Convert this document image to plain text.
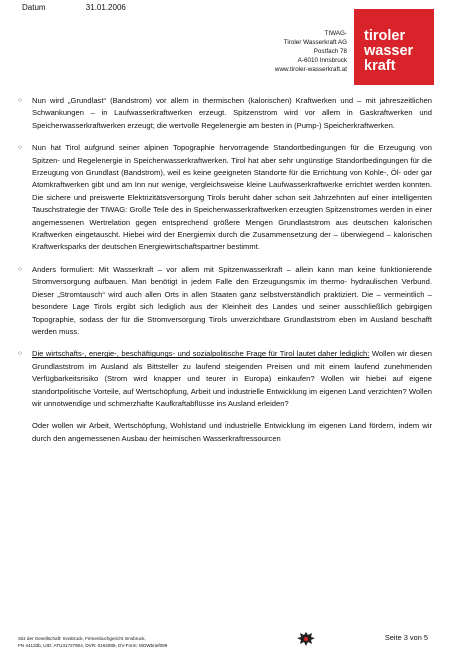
Datum	31.01.2006
TIWAG-
Tiroler Wasserkraft AG
Postfach 78
A-6010 Innsbruck
www.tiroler-wasserkraft.at
tiroler
wasser
kraft
○	Nun wird „Grundlast“ (Bandstrom) vor allem in thermischen (kalorischen) Kraftwerken und – mit jahreszeitlichen Schwankungen – in Laufwasserkraftwerken erzeugt. Spitzenstrom wird vor allem in Gaskraftwerken und Speicherwasserkraftwerken erzeugt; die wertvolle Regelenergie am besten in (Pump-) Speicherkraftwerken.
○	Nun hat Tirol aufgrund seiner alpinen Topographie hervorragende Standortbedingungen für die Erzeugung von Spitzen- und Regelenergie in Speicherwasserkraftwerken. Tirol hat aber sehr ungünstige Standortbedingungen für die Erzeugung von Grundlast (Bandstrom), weil es keine geeigneten Standorte für die Errichtung von Kohle-, Öl- oder gar Atomkraftwerken gibt und am Inn nur wenige, vergleichsweise kleine Laufwasserkraftwerke errichtet werden konnten. Die sichere und preiswerte Elektrizitätsversorgung Tirols beruht daher schon seit Jahrzehnten auf einer intelligenten Tauschstrategie der TIWAG: Große Teile des in Speicherwasserkraftwerken erzeugten Spitzenstromes werden in einer angemessenen Wertrelation gegen entsprechend größere Mengen Grundlaststrom aus deutschen kalorischen Kraftwerken eingetauscht. Hiebei wird der Energiemix durch die Zusammensetzung der – überwiegend – kalorischen Kraftwerksparks der deutschen Energiewirtschaftspartner bestimmt.
○	Anders formuliert: Mit Wasserkraft – vor allem mit Spitzenwasserkraft – allein kann man keine funktionierende Stromversorgung aufbauen. Man benötigt in jedem Falle den Erzeugungsmix im thermo- hydraulischen Verbund. Dieser „Stromtausch“ wird auch allen Orts in allen Staaten ganz selbstverständlich praktiziert. Die – vermeintlich – besondere Lage Tirols ergibt sich lediglich aus der Kleinheit des Landes und seiner ausschließlich gebirgigen Topographie, sodass der für die Stromversorgung Tirols unverzichtbare Grundlaststrom eben im Ausland beschafft werden muss.
○	Die wirtschafts-, energie-, beschäftigungs- und sozialpolitische Frage für Tirol lautet daher lediglich: Wollen wir diesen Grundlaststrom im Ausland als Bittsteller zu laufend steigenden Preisen und mit einem laufend zunehmenden Verfügbarkeitsrisiko (Strom wird knapper und teurer in Europa) einkaufen? Wollen wir hiebei auf eigene standortpolitische Vorteile, auf Wertschöpfung, Arbeit und industrielle Entwicklung im eigenen Land verzichten? Wollen wir unnotwendige und schmerzhafte Kaufkraftabflüsse ins Ausland erleiden?
Oder wollen wir Arbeit, Wertschöpfung, Wohlstand und industrielle Entwicklung im eigenen Land fördern, indem wir durch den angemessenen Ausbau der heimischen Wasserkraftressourcen
Sitz der Gesellschaft: Innsbruck, Firmenbuchgericht Innsbruck,
FN 44133b, UID: ATU31727904, DVR: 0164089, DV-Form: MOWbrief099
Seite 3 von 5
